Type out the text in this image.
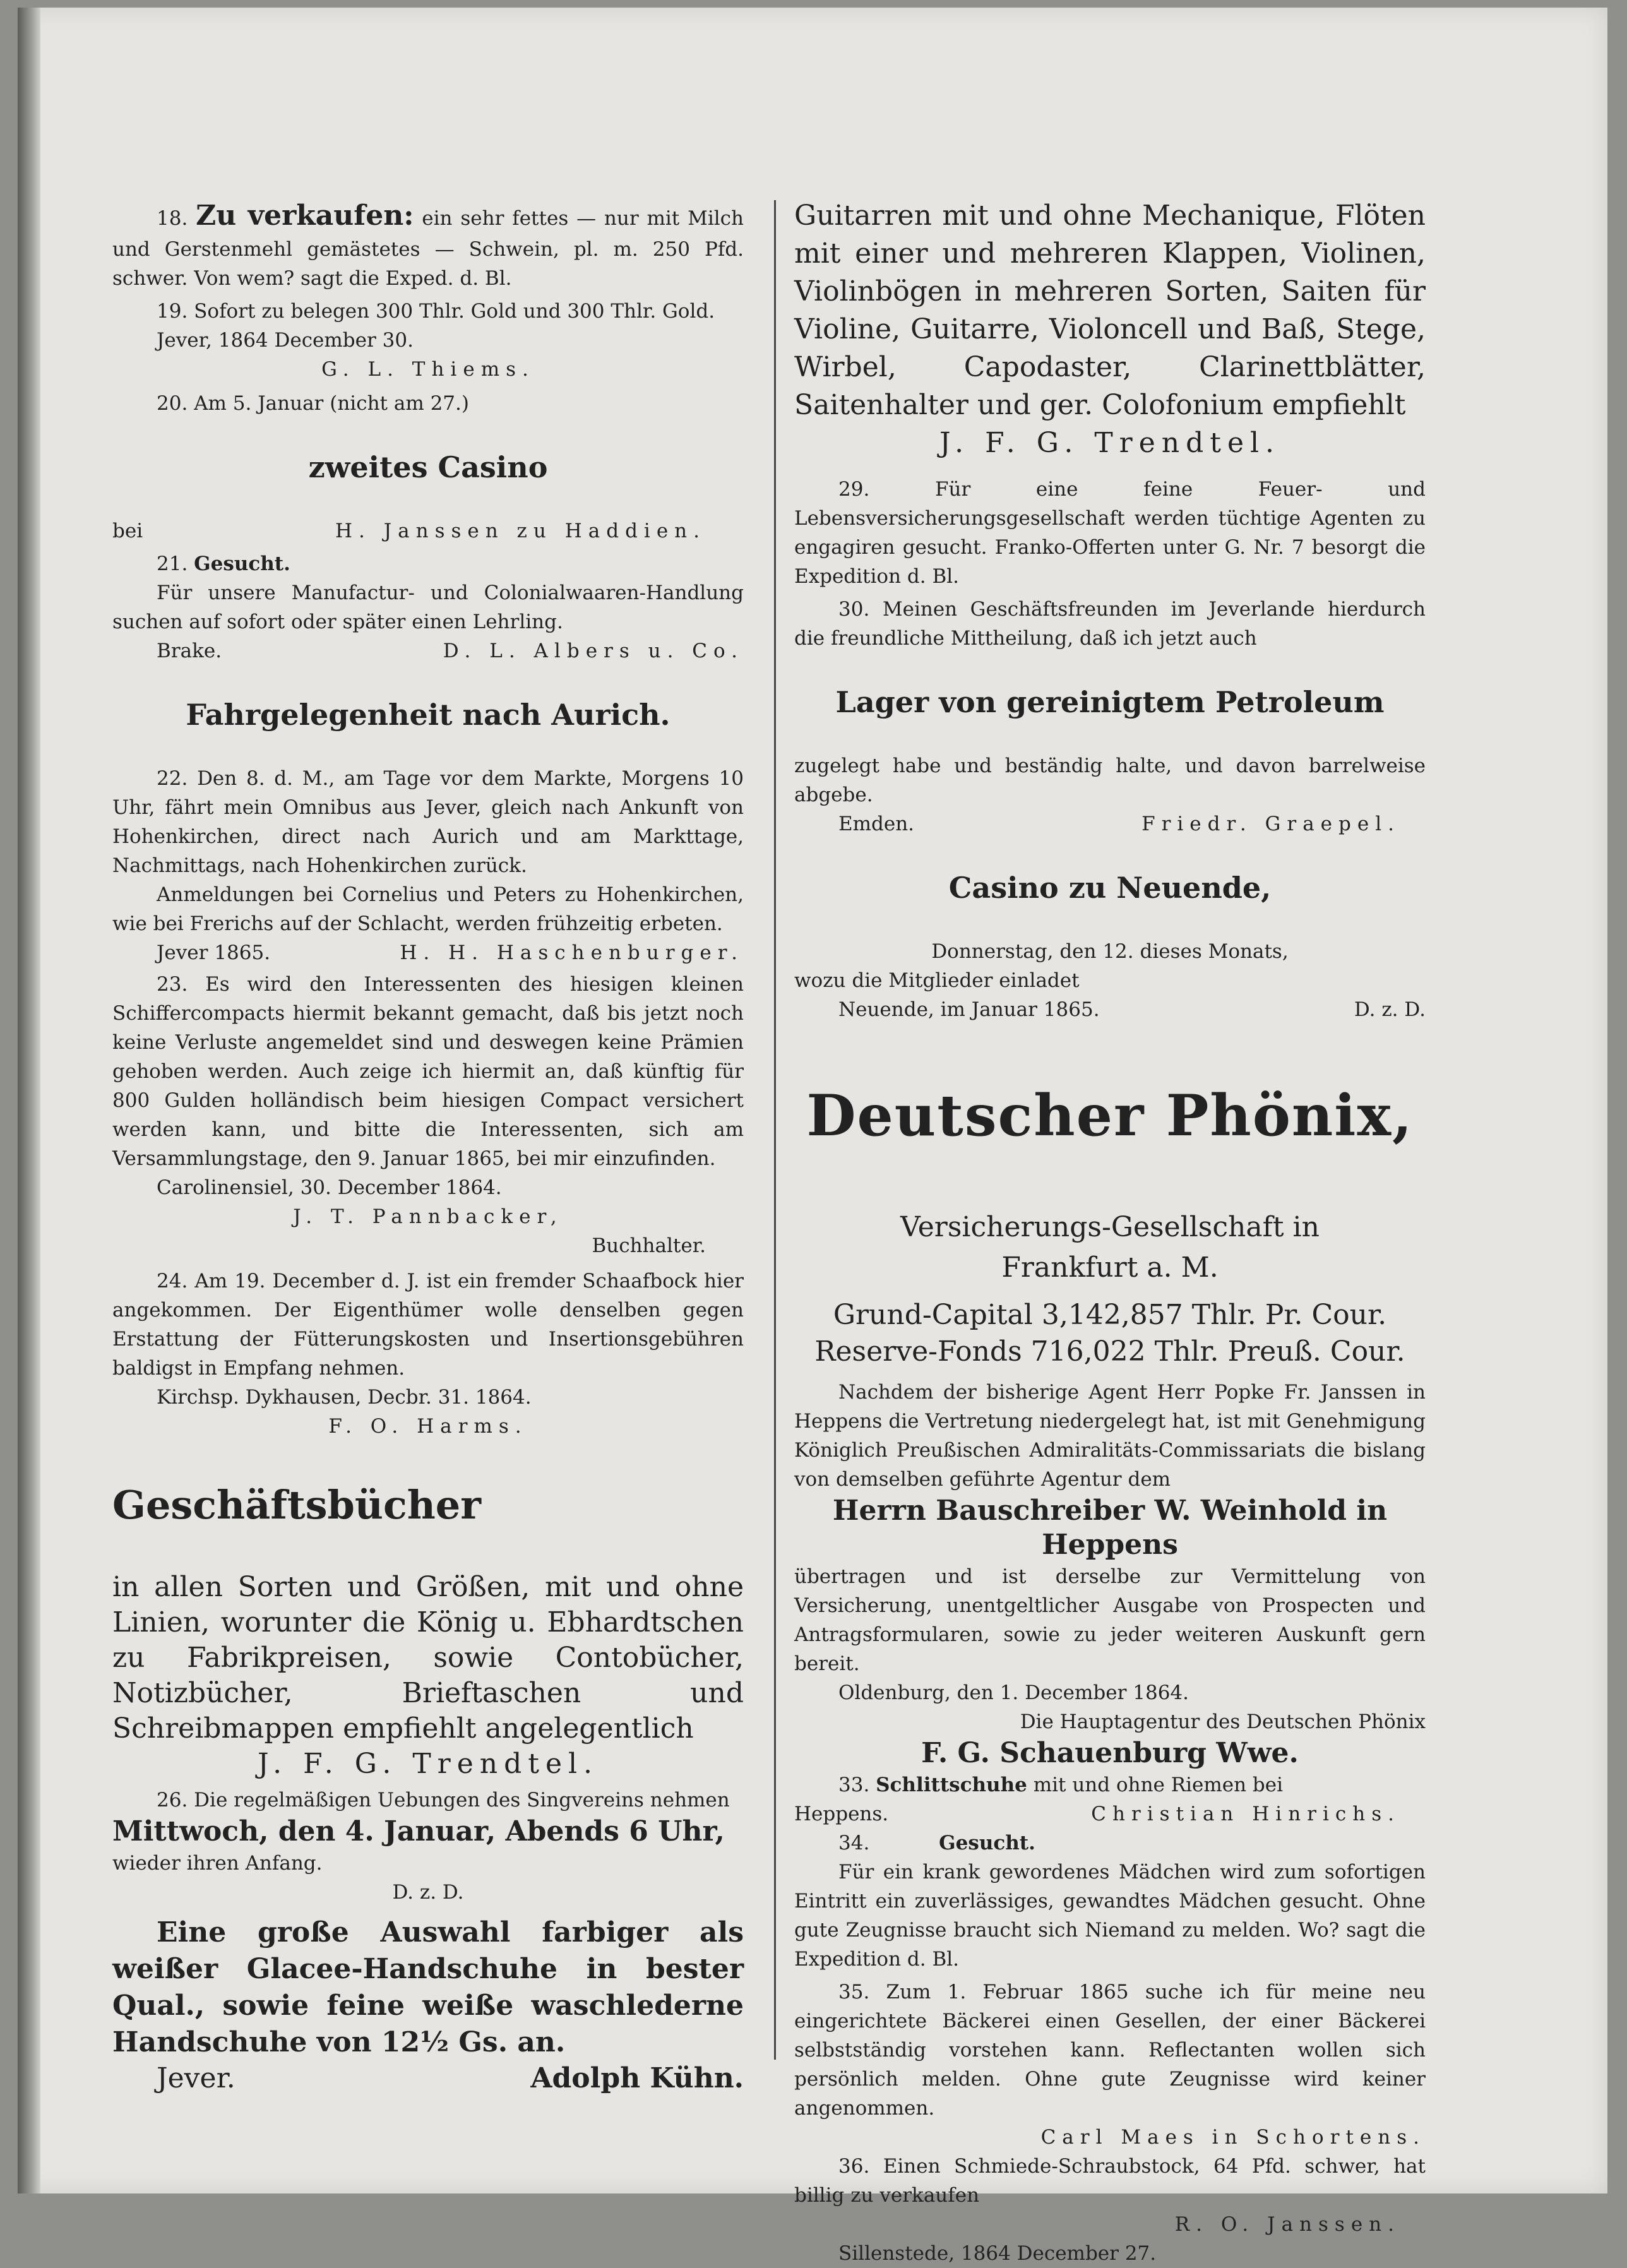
18. Zu verkaufen: ein sehr fettes — nur mit Milch und Gerstenmehl gemästetes — Schwein, pl. m. 250 Pfd. schwer. Von wem? sagt die Exped. d. Bl.

19. Sofort zu belegen 300 Thlr. Gold und 300 Thlr. Gold.

Jever, 1864 December 30.

G. L. Thiems.

20. Am 5. Januar (nicht am 27.)

zweites Casino

bei	H. Janssen zu Haddien.

21. Gesucht.

Für unsere Manufactur- und Colonialwaaren-Handlung suchen auf sofort oder später einen Lehrling.

Brake.	D. L. Albers u. Co.

Fahrgelegenheit nach Aurich.

22. Den 8. d. M., am Tage vor dem Markte, Morgens 10 Uhr, fährt mein Omnibus aus Jever, gleich nach Ankunft von Hohenkirchen, direct nach Aurich und am Markttage, Nachmittags, nach Hohenkirchen zurück.

Anmeldungen bei Cornelius und Peters zu Hohenkirchen, wie bei Frerichs auf der Schlacht, werden frühzeitig erbeten.

Jever 1865.	H. H. Haschenburger.

23. Es wird den Interessenten des hiesigen kleinen Schiffercompacts hiermit bekannt gemacht, daß bis jetzt noch keine Verluste angemeldet sind und deswegen keine Prämien gehoben werden. Auch zeige ich hiermit an, daß künftig für 800 Gulden holländisch beim hiesigen Compact versichert werden kann, und bitte die Interessenten, sich am Versammlungstage, den 9. Januar 1865, bei mir einzufinden.

Carolinensiel, 30. December 1864.

J. T. Pannbacker,

Buchhalter.

24. Am 19. December d. J. ist ein fremder Schaafbock hier angekommen. Der Eigenthümer wolle denselben gegen Erstattung der Fütterungskosten und Insertionsgebühren baldigst in Empfang nehmen.

Kirchsp. Dykhausen, Decbr. 31. 1864.

F. O. Harms.

Geschäftsbücher

in allen Sorten und Größen, mit und ohne Linien, worunter die König u. Ebhardtschen zu Fabrikpreisen, sowie Contobücher, Notizbücher, Brieftaschen und Schreibmappen empfiehlt angelegentlich

J. F. G. Trendtel.

26. Die regelmäßigen Uebungen des Singvereins nehmen

Mittwoch, den 4. Januar, Abends 6 Uhr,

wieder ihren Anfang.

D. z. D.

Eine große Auswahl farbiger als weißer Glacee-Handschuhe in bester Qual., sowie feine weiße waschlederne Handschuhe von 12½ Gs. an.

Jever.	Adolph Kühn.

Guitarren mit und ohne Mechanique, Flöten mit einer und mehreren Klappen, Violinen, Violinbögen in mehreren Sorten, Saiten für Violine, Guitarre, Violoncell und Baß, Stege, Wirbel, Capodaster, Clarinettblätter, Saitenhalter und ger. Colofonium empfiehlt

J. F. G. Trendtel.

29.	Für eine feine Feuer- und Lebensversicherungsgesellschaft werden tüchtige Agenten zu engagiren gesucht. Franko-Offerten unter G. Nr. 7 besorgt die Expedition d. Bl.

30. Meinen Geschäftsfreunden im Jeverlande hierdurch die freundliche Mittheilung, daß ich jetzt auch

Lager von gereinigtem Petroleum

zugelegt habe und beständig halte, und davon barrelweise abgebe.

Emden.	Friedr. Graepel.

Casino zu Neuende,

Donnerstag, den 12. dieses Monats,

wozu die Mitglieder einladet

Neuende, im Januar 1865.	D. z. D.

Deutscher Phönix,

Versicherungs-Gesellschaft in

Frankfurt a. M.

Grund-Capital 3,142,857 Thlr. Pr. Cour.

Reserve-Fonds 716,022 Thlr. Preuß. Cour.

Nachdem der bisherige Agent Herr Popke Fr. Janssen in Heppens die Vertretung niedergelegt hat, ist mit Genehmigung Königlich Preußischen Admiralitäts-Commissariats die bislang von demselben geführte Agentur dem

Herrn Bauschreiber W. Weinhold in

Heppens

übertragen und ist derselbe zur Vermittelung von Versicherung, unentgeltlicher Ausgabe von Prospecten und Antragsformularen, sowie zu jeder weiteren Auskunft gern bereit.

Oldenburg, den 1. December 1864.

Die Hauptagentur des Deutschen Phönix

F. G. Schauenburg Wwe.

33. Schlittschuhe mit und ohne Riemen bei

Heppens.	Christian Hinrichs.

34.	Gesucht.

Für ein krank gewordenes Mädchen wird zum sofortigen Eintritt ein zuverlässiges, gewandtes Mädchen gesucht. Ohne gute Zeugnisse braucht sich Niemand zu melden. Wo? sagt die Expedition d. Bl.

35. Zum 1. Februar 1865 suche ich für meine neu eingerichtete Bäckerei einen Gesellen, der einer Bäckerei selbstständig vorstehen kann. Reflectanten wollen sich persönlich melden. Ohne gute Zeugnisse wird keiner angenommen.

Carl Maes in Schortens.

36. Einen Schmiede-Schraubstock, 64 Pfd. schwer, hat billig zu verkaufen

R. O. Janssen.

Sillenstede, 1864 December 27.
